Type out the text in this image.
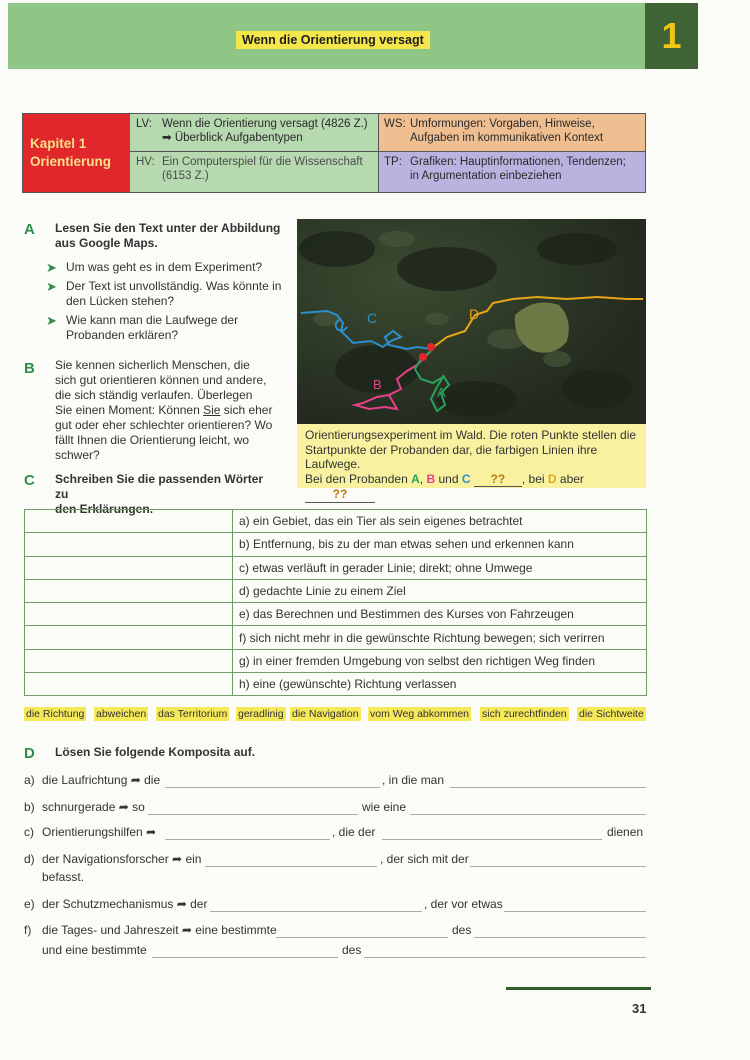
Wenn die Orientierung versagt	1
Kapitel 1
Orientierung
LV: Wenn die Orientierung versagt (4826 Z.)
➡ Überblick Aufgabentypen
HV: Ein Computerspiel für die Wissenschaft
(6153 Z.)
WS: Umformungen: Vorgaben, Hinweise,
Aufgaben im kommunikativen Kontext
TP: Grafiken: Hauptinformationen, Tendenzen;
in Argumentation einbeziehen
A Lesen Sie den Text unter der Abbildung
aus Google Maps.
➤ Um was geht es in dem Experiment?
➤ Der Text ist unvollständig. Was könnte in den Lücken stehen?
➤ Wie kann man die Laufwege der Probanden erklären?
B Sie kennen sicherlich Menschen, die sich gut orientieren können und andere, die sich ständig verlaufen. Überlegen Sie einen Moment: Können Sie sich eher gut oder eher schlechter orientieren? Wo fällt Ihnen die Orientierung leicht, wo schwer?
C	D
B
A
Orientierungsexperiment im Wald. Die roten Punkte stellen die Startpunkte der Probanden dar, die farbigen Linien ihre Laufwege.
Bei den Probanden A, B und C ?? , bei D aber ??
C Schreiben Sie die passenden Wörter zu
den Erklärungen.
	a) ein Gebiet, das ein Tier als sein eigenes betrachtet
	b) Entfernung, bis zu der man etwas sehen und erkennen kann
	c) etwas verläuft in gerader Linie; direkt; ohne Umwege
	d) gedachte Linie zu einem Ziel
	e) das Berechnen und Bestimmen des Kurses von Fahrzeugen
	f) sich nicht mehr in die gewünschte Richtung bewegen; sich verirren
	g) in einer fremden Umgebung von selbst den richtigen Weg finden
	h) eine (gewünschte) Richtung verlassen
die Richtung abweichen das Territorium geradlinig die Navigation vom Weg abkommen sich zurechtfinden die Sichtweite
D Lösen Sie folgende Komposita auf.
a) die Laufrichtung ➦ die	, in die man
b) schnurgerade ➦ so	wie eine
c) Orientierungshilfen ➦	, die der	dienen
d) der Navigationsforscher ➦ ein	, der sich mit der
befasst.
e) der Schutzmechanismus ➦ der	, der vor etwas
f) die Tages- und Jahreszeit ➦ eine bestimmte	des
und eine bestimmte	des
31
